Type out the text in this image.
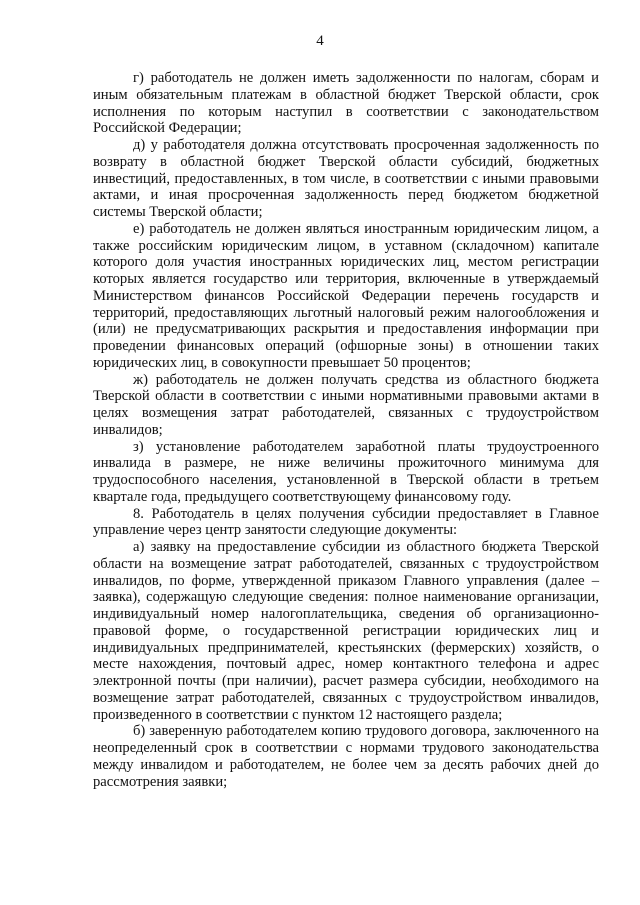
4

г) работодатель не должен иметь задолженности по налогам, сборам и иным обязательным платежам в областной бюджет Тверской области, срок исполнения по которым наступил в соответствии с законодательством Российской Федерации;

д) у работодателя должна отсутствовать просроченная задолженность по возврату в областной бюджет Тверской области субсидий, бюджетных инвестиций, предоставленных, в том числе, в соответствии с иными правовыми актами, и иная просроченная задолженность перед бюджетом бюджетной системы Тверской области;

е) работодатель не должен являться иностранным юридическим лицом, а также российским юридическим лицом, в уставном (складочном) капитале которого доля участия иностранных юридических лиц, местом регистрации которых является государство или территория, включенные в утверждаемый Министерством финансов Российской Федерации перечень государств и территорий, предоставляющих льготный налоговый режим налогообложения и (или) не предусматривающих раскрытия и предоставления информации при проведении финансовых операций (офшорные зоны) в отношении таких юридических лиц, в совокупности превышает 50 процентов;

ж) работодатель не должен получать средства из областного бюджета Тверской области в соответствии с иными нормативными правовыми актами в целях возмещения затрат работодателей, связанных с трудоустройством инвалидов;

з) установление работодателем заработной платы трудоустроенного инвалида в размере, не ниже величины прожиточного минимума для трудоспособного населения, установленной в Тверской области в третьем квартале года, предыдущего соответствующему финансовому году.

8. Работодатель в целях получения субсидии предоставляет в Главное управление через центр занятости следующие документы:

а) заявку на предоставление субсидии из областного бюджета Тверской области на возмещение затрат работодателей, связанных с трудоустройством инвалидов, по форме, утвержденной приказом Главного управления (далее – заявка), содержащую следующие сведения: полное наименование организации, индивидуальный номер налогоплательщика, сведения об организационно-правовой форме, о государственной регистрации юридических лиц и индивидуальных предпринимателей, крестьянских (фермерских) хозяйств, о месте нахождения, почтовый адрес, номер контактного телефона и адрес электронной почты (при наличии), расчет размера субсидии, необходимого на возмещение затрат работодателей, связанных с трудоустройством инвалидов, произведенного в соответствии с пунктом 12 настоящего раздела;

б) заверенную работодателем копию трудового договора, заключенного на неопределенный срок в соответствии с нормами трудового законодательства между инвалидом и работодателем, не более чем за десять рабочих дней до рассмотрения заявки;
